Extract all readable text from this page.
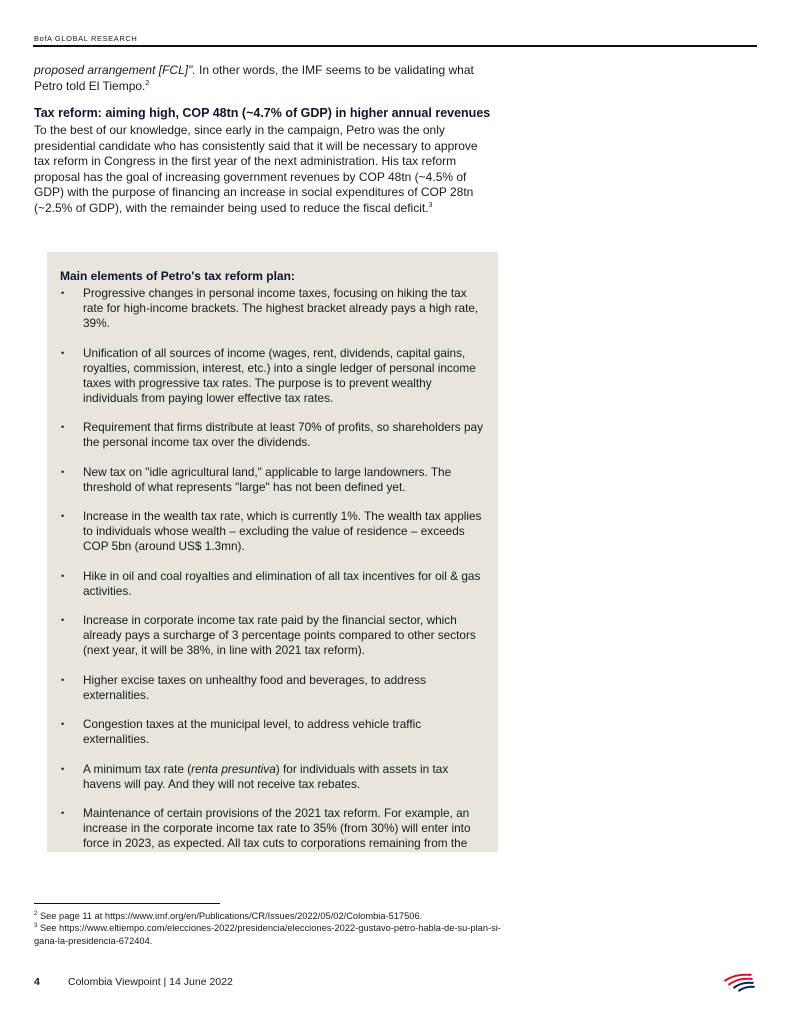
BofA GLOBAL RESEARCH
proposed arrangement [FCL]". In other words, the IMF seems to be validating what Petro told El Tiempo.$^2$
Tax reform: aiming high, COP 48tn (~4.7% of GDP) in higher annual revenues
To the best of our knowledge, since early in the campaign, Petro was the only presidential candidate who has consistently said that it will be necessary to approve tax reform in Congress in the first year of the next administration. His tax reform proposal has the goal of increasing government revenues by COP 48tn (~4.5% of GDP) with the purpose of financing an increase in social expenditures of COP 28tn (~2.5% of GDP), with the remainder being used to reduce the fiscal deficit.$^3$
Main elements of Petro's tax reform plan:
• Progressive changes in personal income taxes, focusing on hiking the tax rate for high-income brackets. The highest bracket already pays a high rate, 39%.
• Unification of all sources of income (wages, rent, dividends, capital gains, royalties, commission, interest, etc.) into a single ledger of personal income taxes with progressive tax rates. The purpose is to prevent wealthy individuals from paying lower effective tax rates.
• Requirement that firms distribute at least 70% of profits, so shareholders pay the personal income tax over the dividends.
• New tax on "idle agricultural land," applicable to large landowners. The threshold of what represents "large" has not been defined yet.
• Increase in the wealth tax rate, which is currently 1%. The wealth tax applies to individuals whose wealth – excluding the value of residence – exceeds COP 5bn (around US$ 1.3mn).
• Hike in oil and coal royalties and elimination of all tax incentives for oil & gas activities.
• Increase in corporate income tax rate paid by the financial sector, which already pays a surcharge of 3 percentage points compared to other sectors (next year, it will be 38%, in line with 2021 tax reform).
• Higher excise taxes on unhealthy food and beverages, to address externalities.
• Congestion taxes at the municipal level, to address vehicle traffic externalities.
• A minimum tax rate (renta presuntiva) for individuals with assets in tax havens will pay. And they will not receive tax rebates.
• Maintenance of certain provisions of the 2021 tax reform. For example, an increase in the corporate income tax rate to 35% (from 30%) will enter into force in 2023, as expected. All tax cuts to corporations remaining from the
$^2$ See page 11 at https://www.imf.org/en/Publications/CR/Issues/2022/05/02/Colombia-517506.
$^3$ See https://www.eltiempo.com/elecciones-2022/presidencia/elecciones-2022-gustavo-petro-habla-de-su-plan-si-gana-la-presidencia-672404.
4	Colombia Viewpoint | 14 June 2022
